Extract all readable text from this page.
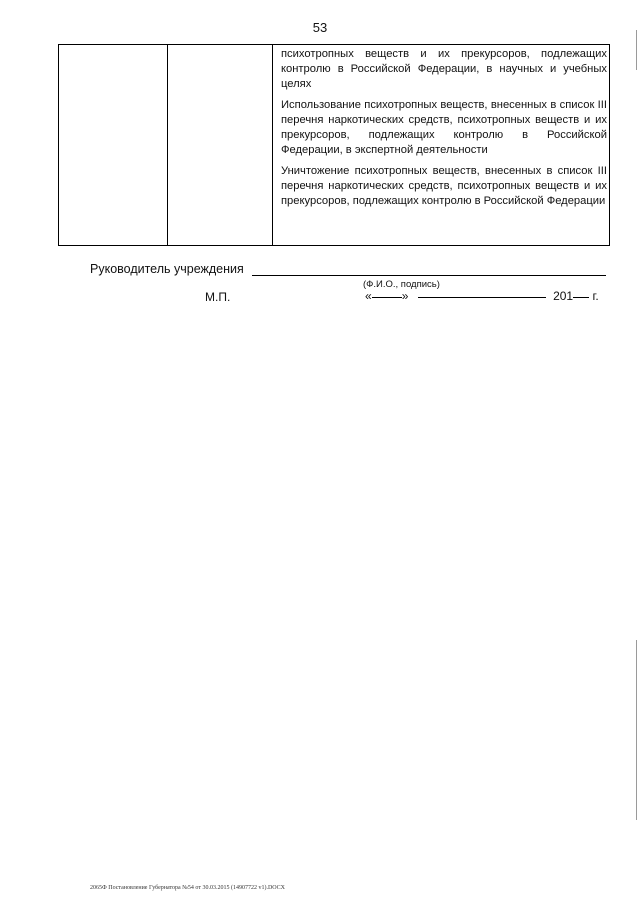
53

психотропных веществ и их прекурсоров, подлежащих контролю в Российской Федерации, в научных и учебных целях

Использование психотропных веществ, внесенных в список III перечня наркотических средств, психотропных веществ и их прекурсоров, подлежащих контролю в Российской Федерации, в экспертной деятельности

Уничтожение психотропных веществ, внесенных в список III перечня наркотических средств, психотропных веществ и их прекурсоров, подлежащих контролю в Российской Федерации

Руководитель учреждения
(Ф.И.О., подпись)
М.П.	«	»	201 г.
2065Ф Постановление Губернатора №54 от 30.03.2015 (14907722 v1).DOCX
